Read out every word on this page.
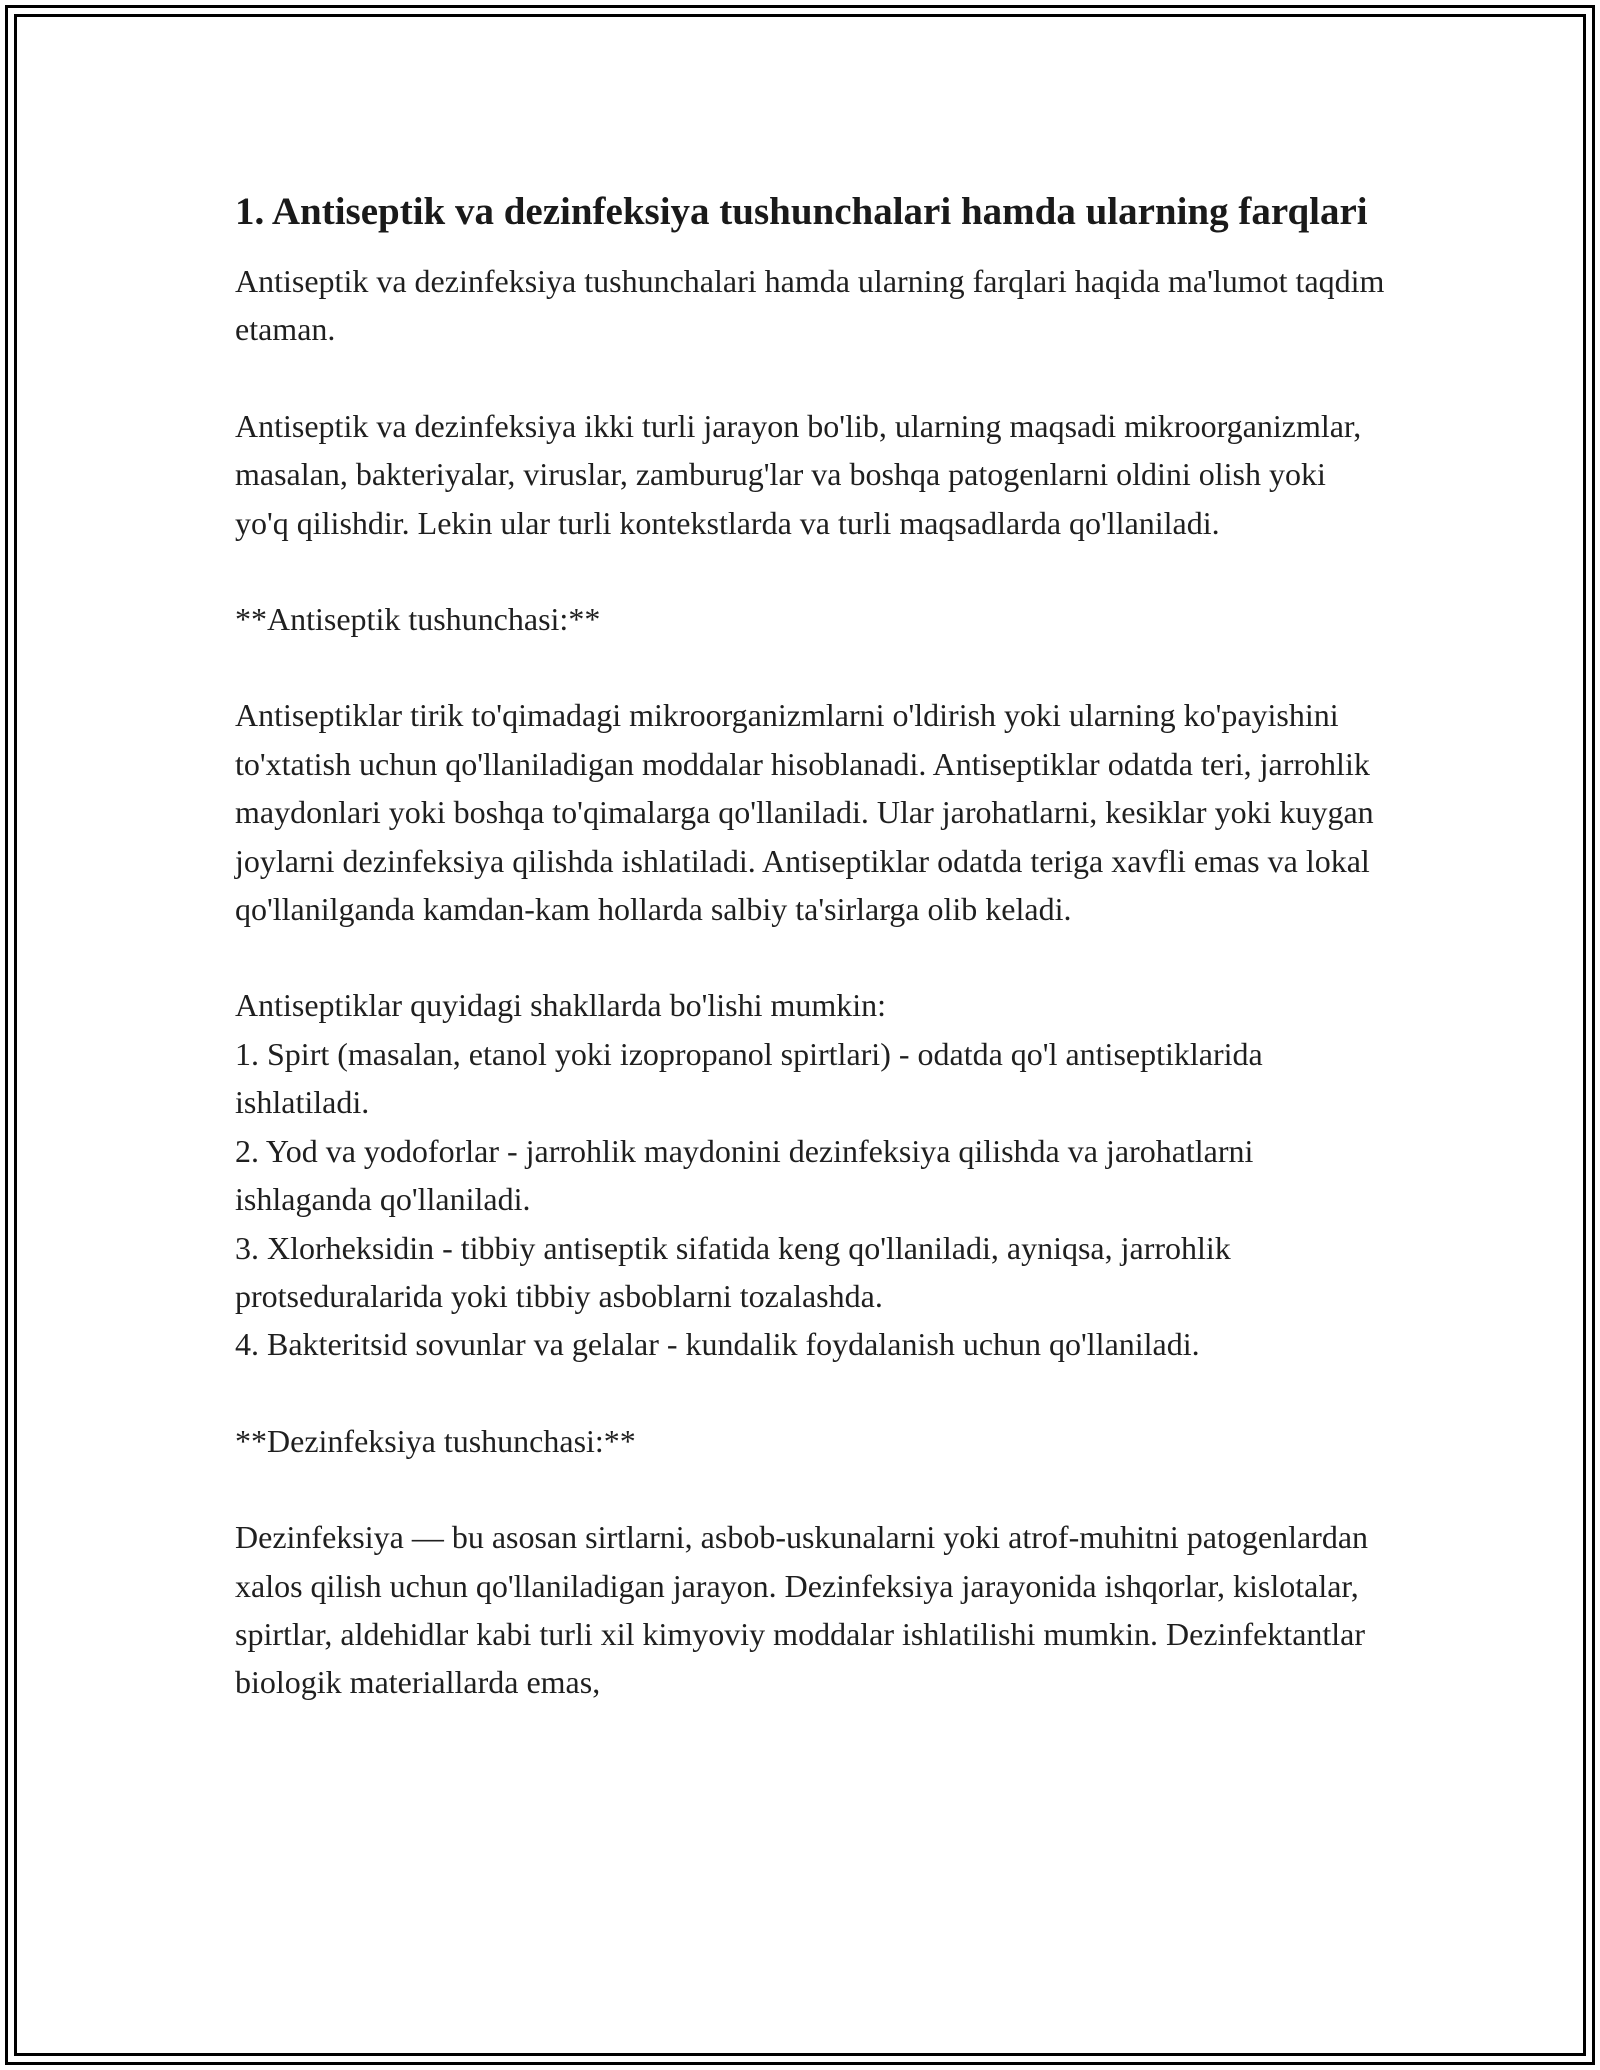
1. Antiseptik va dezinfeksiya tushunchalari hamda ularning farqlari

Antiseptik va dezinfeksiya tushunchalari hamda ularning farqlari haqida ma'lumot taqdim etaman.

Antiseptik va dezinfeksiya ikki turli jarayon bo'lib, ularning maqsadi mikroorganizmlar, masalan, bakteriyalar, viruslar, zamburug'lar va boshqa patogenlarni oldini olish yoki yo'q qilishdir. Lekin ular turli kontekstlarda va turli maqsadlarda qo'llaniladi.

**Antiseptik tushunchasi:**

Antiseptiklar tirik to'qimadagi mikroorganizmlarni o'ldirish yoki ularning ko'payishini to'xtatish uchun qo'llaniladigan moddalar hisoblanadi. Antiseptiklar odatda teri, jarrohlik maydonlari yoki boshqa to'qimalarga qo'llaniladi. Ular jarohatlarni, kesiklar yoki kuygan joylarni dezinfeksiya qilishda ishlatiladi. Antiseptiklar odatda teriga xavfli emas va lokal qo'llanilganda kamdan-kam hollarda salbiy ta'sirlarga olib keladi.

Antiseptiklar quyidagi shakllarda bo'lishi mumkin:
1. Spirt (masalan, etanol yoki izopropanol spirtlari) - odatda qo'l antiseptiklarida ishlatiladi.
2. Yod va yodoforlar - jarrohlik maydonini dezinfeksiya qilishda va jarohatlarni ishlaganda qo'llaniladi.
3. Xlorheksidin - tibbiy antiseptik sifatida keng qo'llaniladi, ayniqsa, jarrohlik protseduralarida yoki tibbiy asboblarni tozalashda.
4. Bakteritsid sovunlar va gelalar - kundalik foydalanish uchun qo'llaniladi.

**Dezinfeksiya tushunchasi:**

Dezinfeksiya — bu asosan sirtlarni, asbob-uskunalarni yoki atrof-muhitni patogenlardan xalos qilish uchun qo'llaniladigan jarayon. Dezinfeksiya jarayonida ishqorlar, kislotalar, spirtlar, aldehidlar kabi turli xil kimyoviy moddalar ishlatilishi mumkin. Dezinfektantlar biologik materiallarda emas,
